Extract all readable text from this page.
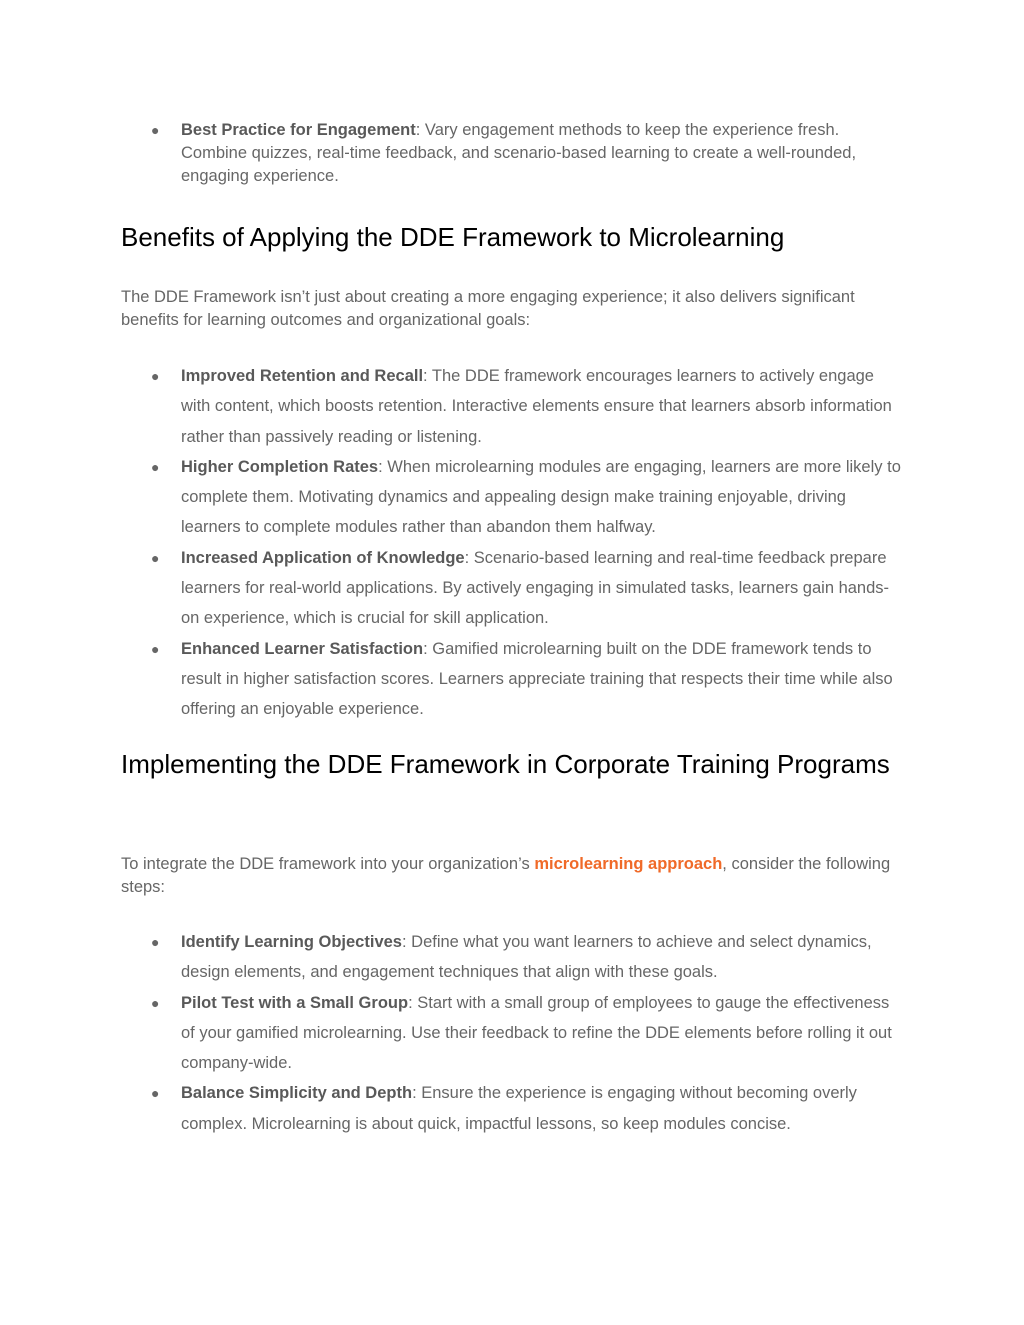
● Best Practice for Engagement: Vary engagement methods to keep the experience fresh. Combine quizzes, real-time feedback, and scenario-based learning to create a well-rounded, engaging experience.
Benefits of Applying the DDE Framework to Microlearning

The DDE Framework isn’t just about creating a more engaging experience; it also delivers significant benefits for learning outcomes and organizational goals:

● Improved Retention and Recall: The DDE framework encourages learners to actively engage with content, which boosts retention. Interactive elements ensure that learners absorb information rather than passively reading or listening.
● Higher Completion Rates: When microlearning modules are engaging, learners are more likely to complete them. Motivating dynamics and appealing design make training enjoyable, driving learners to complete modules rather than abandon them halfway.
● Increased Application of Knowledge: Scenario-based learning and real-time feedback prepare learners for real-world applications. By actively engaging in simulated tasks, learners gain hands-on experience, which is crucial for skill application.
● Enhanced Learner Satisfaction: Gamified microlearning built on the DDE framework tends to result in higher satisfaction scores. Learners appreciate training that respects their time while also offering an enjoyable experience.
Implementing the DDE Framework in Corporate Training Programs

To integrate the DDE framework into your organization’s microlearning approach, consider the following steps:

● Identify Learning Objectives: Define what you want learners to achieve and select dynamics, design elements, and engagement techniques that align with these goals.
● Pilot Test with a Small Group: Start with a small group of employees to gauge the effectiveness of your gamified microlearning. Use their feedback to refine the DDE elements before rolling it out company-wide.
● Balance Simplicity and Depth: Ensure the experience is engaging without becoming overly complex. Microlearning is about quick, impactful lessons, so keep modules concise.
